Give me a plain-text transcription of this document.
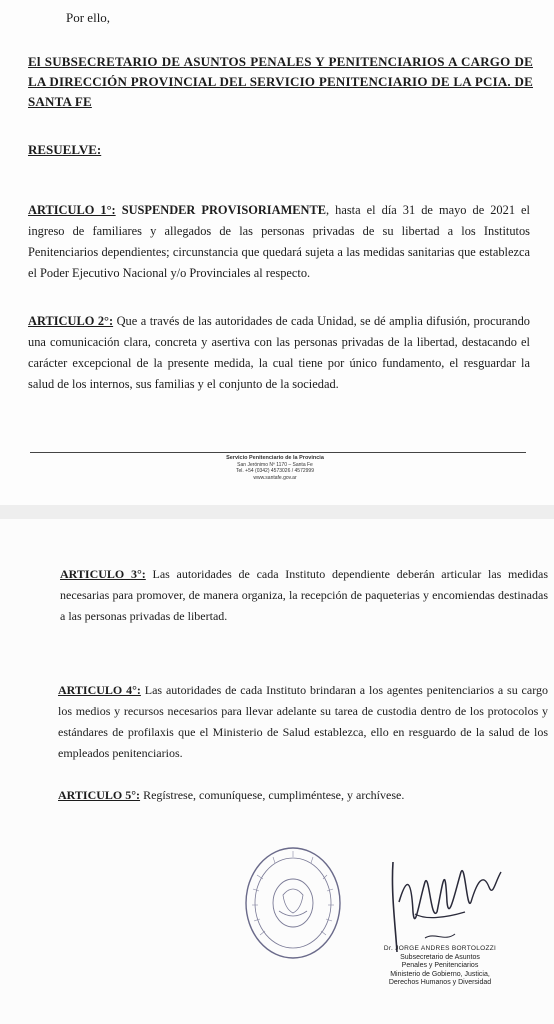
Por ello,
El SUBSECRETARIO DE ASUNTOS PENALES Y PENITENCIARIOS A CARGO DE LA DIRECCIÓN PROVINCIAL DEL SERVICIO PENITENCIARIO DE LA PCIA. DE SANTA FE
RESUELVE:
ARTICULO 1°: SUSPENDER PROVISORIAMENTE, hasta el día 31 de mayo de 2021 el ingreso de familiares y allegados de las personas privadas de su libertad a los Institutos Penitenciarios dependientes; circunstancia que quedará sujeta a las medidas sanitarias que establezca el Poder Ejecutivo Nacional y/o Provinciales al respecto.
ARTICULO 2°: Que a través de las autoridades de cada Unidad, se dé amplia difusión, procurando una comunicación clara, concreta y asertiva con las personas privadas de la libertad, destacando el carácter excepcional de la presente medida, la cual tiene por único fundamento, el resguardar la salud de los internos, sus familias y el conjunto de la sociedad.
Servicio Penitenciario de la Provincia
San Jerónimo Nº 1170 – Santa Fe
Tel. +54 (0342) 4573026 / 4572999
www.santafe.gov.ar
ARTICULO 3°: Las autoridades de cada Instituto dependiente deberán articular las medidas necesarias para promover, de manera organiza, la recepción de paqueterias y encomiendas destinadas a las personas privadas de libertad.
ARTICULO 4°: Las autoridades de cada Instituto brindaran a los agentes penitenciarios a su cargo los medios y recursos necesarios para llevar adelante su tarea de custodia dentro de los protocolos y estándares de profilaxis que el Ministerio de Salud establezca, ello en resguardo de la salud de los empleados penitenciarios.
ARTICULO 5°: Regístrese, comuníquese, cumpliméntese, y archívese.
Dr. JORGE ANDRES BORTOLOZZI
Subsecretario de Asuntos
Penales y Penitenciarios
Ministerio de Gobierno, Justicia,
Derechos Humanos y Diversidad
